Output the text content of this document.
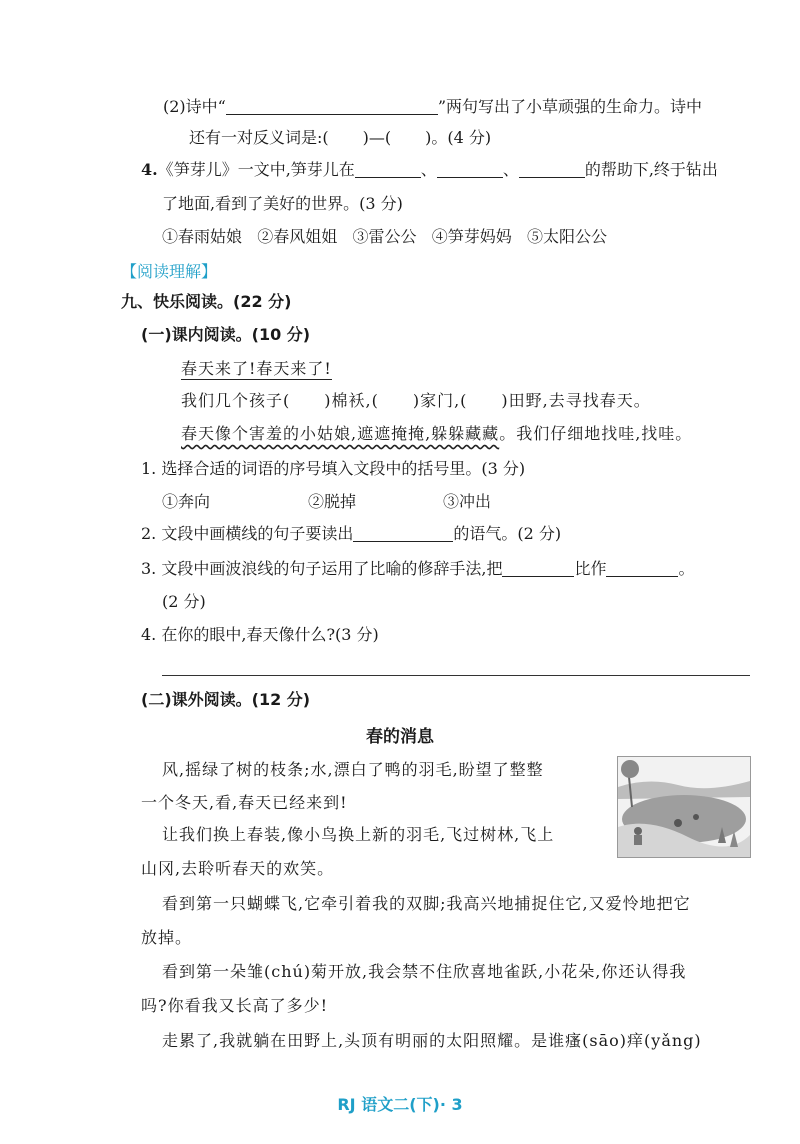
(2)诗中“	”两句写出了小草顽强的生命力。诗中
还有一对反义词是:( )—( )。(4 分)
4.《笋芽儿》一文中,笋芽儿在	、	、	的帮助下,终于钻出
了地面,看到了美好的世界。(3 分)
①春雨姑娘   ②春风姐姐   ③雷公公   ④笋芽妈妈   ⑤太阳公公
【阅读理解】
九、快乐阅读。(22 分)
(一)课内阅读。(10 分)
春天来了!春天来了!
我们几个孩子( )棉袄,( )家门,( )田野,去寻找春天。
春天像个害羞的小姑娘,遮遮掩掩,躲躲藏藏。我们仔细地找哇,找哇。
1. 选择合适的词语的序号填入文段中的括号里。(3 分)
①奔向	②脱掉	③冲出
2. 文段中画横线的句子要读出	的语气。(2 分)
3. 文段中画波浪线的句子运用了比喻的修辞手法,把	比作	。
(2 分)
4. 在你的眼中,春天像什么?(3 分)
(二)课外阅读。(12 分)
春的消息
风,摇绿了树的枝条;水,漂白了鸭的羽毛,盼望了整整
一个冬天,看,春天已经来到!
让我们换上春装,像小鸟换上新的羽毛,飞过树林,飞上
山冈,去聆听春天的欢笑。
看到第一只蝴蝶飞,它牵引着我的双脚;我高兴地捕捉住它,又爱怜地把它
放掉。
看到第一朵雏(chú)菊开放,我会禁不住欣喜地雀跃,小花朵,你还认得我
吗?你看我又长高了多少!
走累了,我就躺在田野上,头顶有明丽的太阳照耀。是谁瘙(sāo)痒(yǎng)
RJ 语文二(下)· 3
